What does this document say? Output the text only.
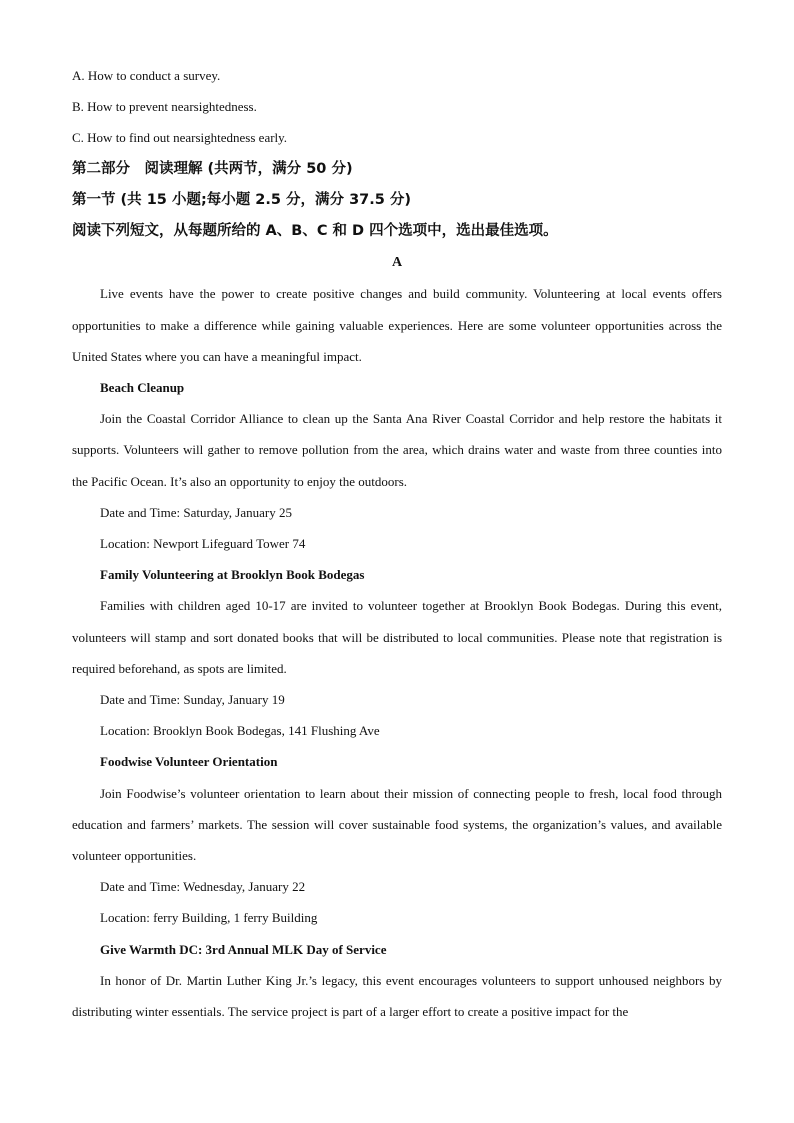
A. How to conduct a survey.

B. How to prevent nearsightedness.

C. How to find out nearsightedness early.

第二部分　阅读理解 (共两节，满分 50 分)

第一节 (共 15 小题;每小题 2.5 分，满分 37.5 分)

阅读下列短文，从每题所给的 A、B、C 和 D 四个选项中，选出最佳选项。

A

Live events have the power to create positive changes and build community. Volunteering at local events offers opportunities to make a difference while gaining valuable experiences. Here are some volunteer opportunities across the United States where you can have a meaningful impact.

Beach Cleanup

Join the Coastal Corridor Alliance to clean up the Santa Ana River Coastal Corridor and help restore the habitats it supports. Volunteers will gather to remove pollution from the area, which drains water and waste from three counties into the Pacific Ocean. It’s also an opportunity to enjoy the outdoors.

Date and Time: Saturday, January 25

Location: Newport Lifeguard Tower 74

Family Volunteering at Brooklyn Book Bodegas

Families with children aged 10-17 are invited to volunteer together at Brooklyn Book Bodegas. During this event, volunteers will stamp and sort donated books that will be distributed to local communities. Please note that registration is required beforehand, as spots are limited.

Date and Time: Sunday, January 19

Location: Brooklyn Book Bodegas, 141 Flushing Ave

Foodwise Volunteer Orientation

Join Foodwise’s volunteer orientation to learn about their mission of connecting people to fresh, local food through education and farmers’ markets. The session will cover sustainable food systems, the organization’s values, and available volunteer opportunities.

Date and Time: Wednesday, January 22

Location: ferry Building, 1 ferry Building

Give Warmth DC: 3rd Annual MLK Day of Service

In honor of Dr. Martin Luther King Jr.’s legacy, this event encourages volunteers to support unhoused neighbors by distributing winter essentials. The service project is part of a larger effort to create a positive impact for the
